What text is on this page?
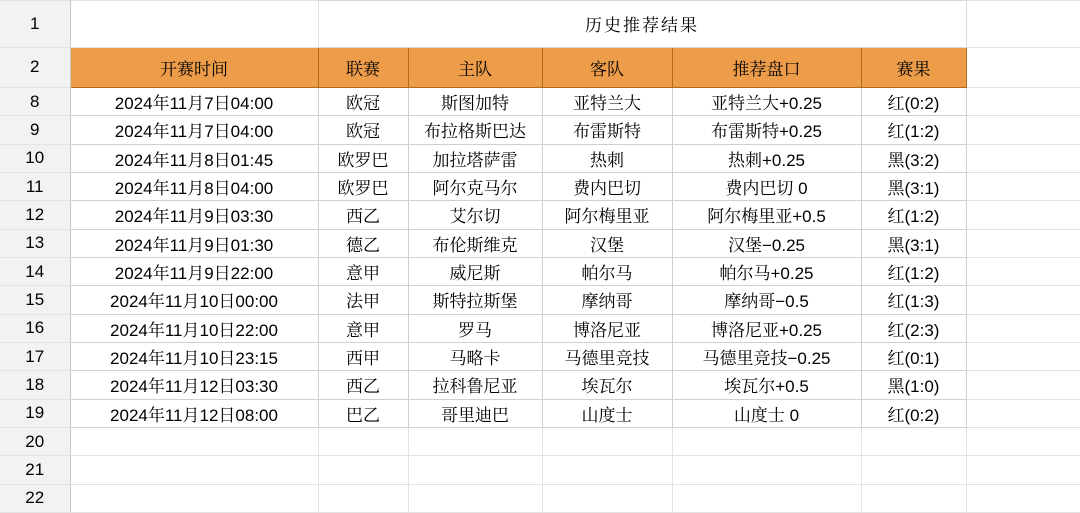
1		历史推荐结果					
2	开赛时间	联赛	主队	客队	推荐盘口	赛果	
8	2024年11月7日04:00	欧冠	斯图加特	亚特兰大	亚特兰大+0.25	红(0:2)	
9	2024年11月7日04:00	欧冠	布拉格斯巴达	布雷斯特	布雷斯特+0.25	红(1:2)	
10	2024年11月8日01:45	欧罗巴	加拉塔萨雷	热刺	热刺+0.25	黑(3:2)	
11	2024年11月8日04:00	欧罗巴	阿尔克马尔	费内巴切	费内巴切 0	黑(3:1)	
12	2024年11月9日03:30	西乙	艾尔切	阿尔梅里亚	阿尔梅里亚+0.5	红(1:2)	
13	2024年11月9日01:30	德乙	布伦斯维克	汉堡	汉堡−0.25	黑(3:1)	
14	2024年11月9日22:00	意甲	威尼斯	帕尔马	帕尔马+0.25	红(1:2)	
15	2024年11月10日00:00	法甲	斯特拉斯堡	摩纳哥	摩纳哥−0.5	红(1:3)	
16	2024年11月10日22:00	意甲	罗马	博洛尼亚	博洛尼亚+0.25	红(2:3)	
17	2024年11月10日23:15	西甲	马略卡	马德里竞技	马德里竞技−0.25	红(0:1)	
18	2024年11月12日03:30	西乙	拉科鲁尼亚	埃瓦尔	埃瓦尔+0.5	黑(1:0)	
19	2024年11月12日08:00	巴乙	哥里迪巴	山度士	山度士 0	红(0:2)	
20							
21							
22							
